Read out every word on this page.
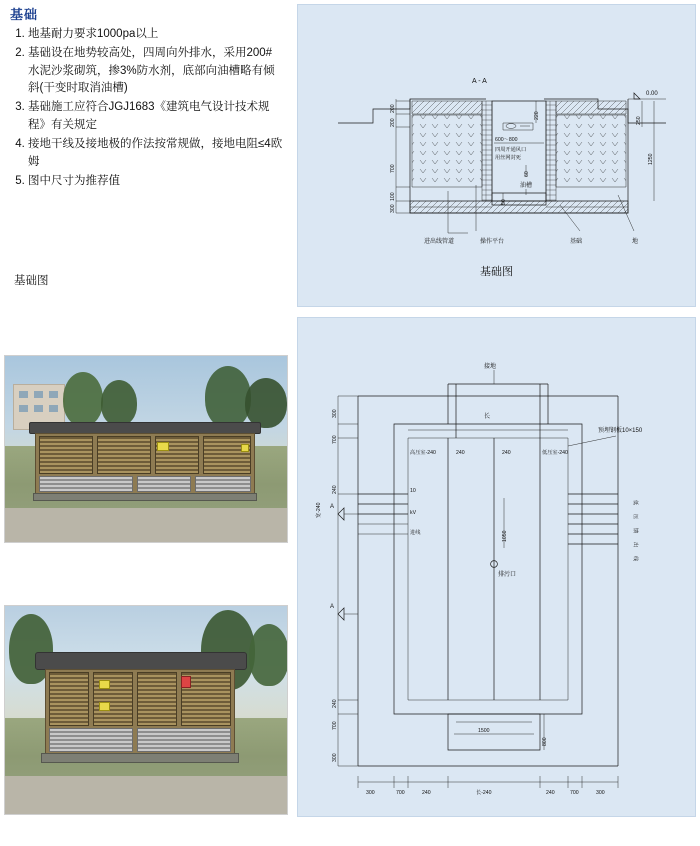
基础
1. 地基耐力要求1000pa以上
2. 基础设在地势较高处，四周向外排水，采用200#水泥沙浆砌筑，掺3%防水剂，底部向油槽略有倾斜(干变时取消油槽)
3. 基础施工应符合JGJ1683《建筑电气设计技术规程》有关规定
4. 接地干线及接地极的作法按常规做，接地电阻≤4欧姆
5. 图中尺寸为推荐值
基础图
A - A
0.00
600～800
四周开通风口
用丝网封死
油槽
200
200
700
100
300
220
60
50
250
1250
进出线管道	操作平台	基础	地
基础图
接地
长
高压室-240	240	240	低压室-240
预埋钢板10×150
10
kV
进线
低
压
馈
出
线
排污口
1050
1500
800
A
A
300
700
240
宽-240
240
700
300
300	700	240	长-240	240	700	300
